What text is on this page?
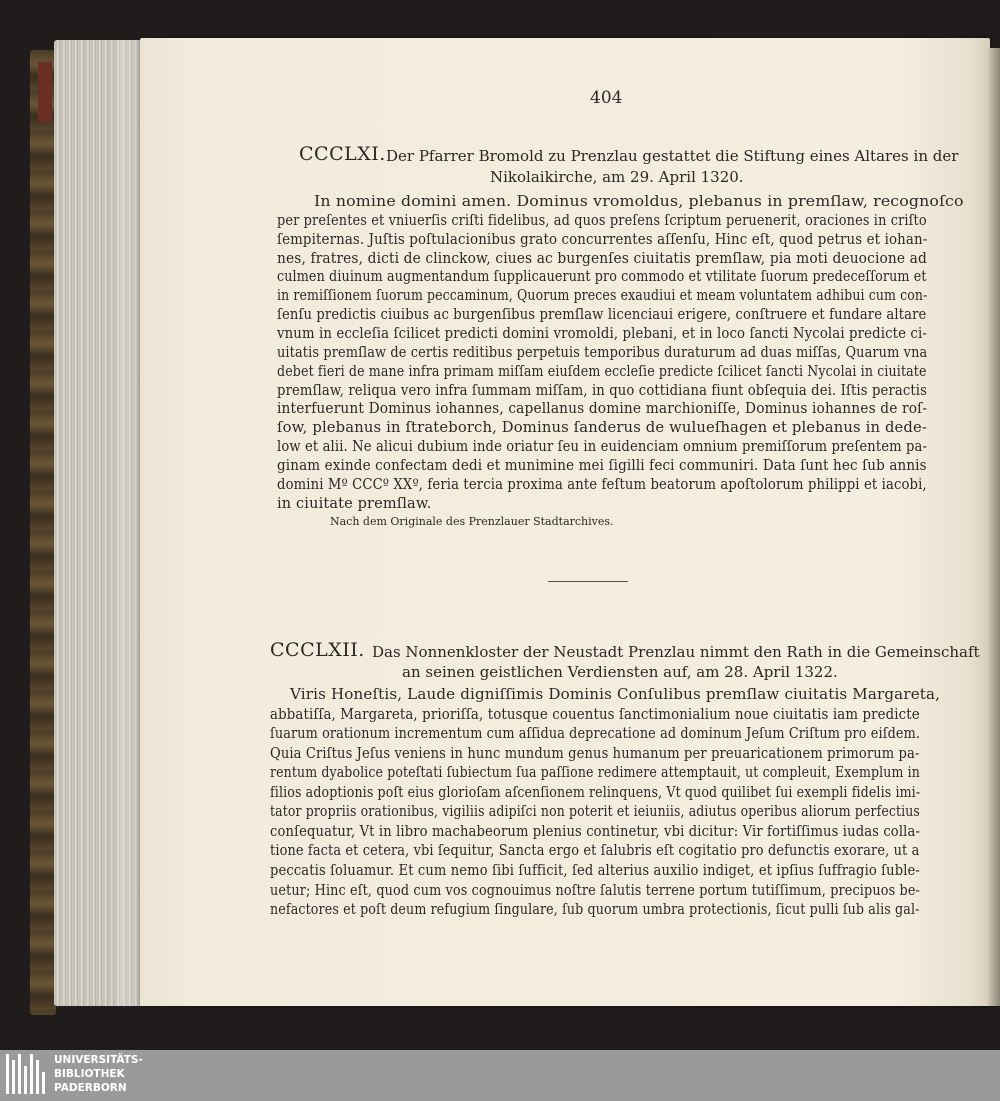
404
CCCLXI. Der Pfarrer Bromold zu Prenzlau gestattet die Stiftung eines Altares in der
Nikolaikirche, am 29. April 1320.
In nomine domini amen. Dominus vromoldus, plebanus in premſlaw, recognoſco
per preſentes et vniuerſis criſti fidelibus, ad quos preſens ſcriptum peruenerit, oraciones in criſto
ſempiternas. Juſtis poſtulacionibus grato concurrentes aſſenſu, Hinc eſt, quod petrus et iohan-
nes, fratres, dicti de clinckow, ciues ac burgenſes ciuitatis premſlaw, pia moti deuocione ad
culmen diuinum augmentandum ſupplicauerunt pro commodo et vtilitate ſuorum predeceſſorum et
in remiſſionem ſuorum peccaminum, Quorum preces exaudiui et meam voluntatem adhibui cum con-
ſenſu predictis ciuibus ac burgenſibus premſlaw licenciaui erigere, conſtruere et fundare altare
vnum in eccleſia ſcilicet predicti domini vromoldi, plebani, et in loco ſancti Nycolai predicte ci-
uitatis premſlaw de certis reditibus perpetuis temporibus duraturum ad duas miſſas, Quarum vna
debet fieri de mane infra primam miſſam eiuſdem eccleſie predicte ſcilicet ſancti Nycolai in ciuitate
premſlaw, reliqua vero infra ſummam miſſam, in quo cottidiana fiunt obſequia dei. Iſtis peractis
interfuerunt Dominus iohannes, capellanus domine marchioniſſe, Dominus iohannes de roſ-
ſow, plebanus in ſtrateborch, Dominus ſanderus de wulueſhagen et plebanus in dede-
low et alii. Ne alicui dubium inde oriatur ſeu in euidenciam omnium premiſſorum preſentem pa-
ginam exinde confectam dedi et munimine mei ſigilli feci communiri. Data ſunt hec ſub annis
domini Mº CCCº XXº, feria tercia proxima ante feſtum beatorum apoſtolorum philippi et iacobi,
in ciuitate premſlaw.
Nach dem Originale des Prenzlauer Stadtarchives.
CCCLXII. Das Nonnenkloster der Neustadt Prenzlau nimmt den Rath in die Gemeinschaft
an seinen geistlichen Verdiensten auf, am 28. April 1322.
Viris Honeſtis, Laude digniſſimis Dominis Conſulibus premſlaw ciuitatis Margareta,
abbatiſſa, Margareta, prioriſſa, totusque couentus ſanctimonialium noue ciuitatis iam predicte
ſuarum orationum incrementum cum aſſidua deprecatione ad dominum Jeſum Criſtum pro eiſdem.
Quia Criſtus Jeſus veniens in hunc mundum genus humanum per preuaricationem primorum pa-
rentum dyabolice poteſtati ſubiectum ſua paſſione redimere attemptauit, ut compleuit, Exemplum in
filios adoptionis poſt eius glorioſam aſcenſionem relinquens, Vt quod quilibet ſui exempli fidelis imi-
tator propriis orationibus, vigiliis adipiſci non poterit et ieiuniis, adiutus operibus aliorum perfectius
conſequatur, Vt in libro machabeorum plenius continetur, vbi dicitur: Vir fortiſſimus iudas colla-
tione facta et cetera, vbi ſequitur, Sancta ergo et ſalubris eſt cogitatio pro defunctis exorare, ut a
peccatis ſoluamur. Et cum nemo ſibi ſufficit, ſed alterius auxilio indiget, et ipſius ſuffragio ſuble-
uetur; Hinc eſt, quod cum vos cognouimus noſtre ſalutis terrene portum tutiſſimum, precipuos be-
nefactores et poſt deum refugium ſingulare, ſub quorum umbra protectionis, ſicut pulli ſub alis gal-
UNIVERSITÄTS-
BIBLIOTHEK
PADERBORN
